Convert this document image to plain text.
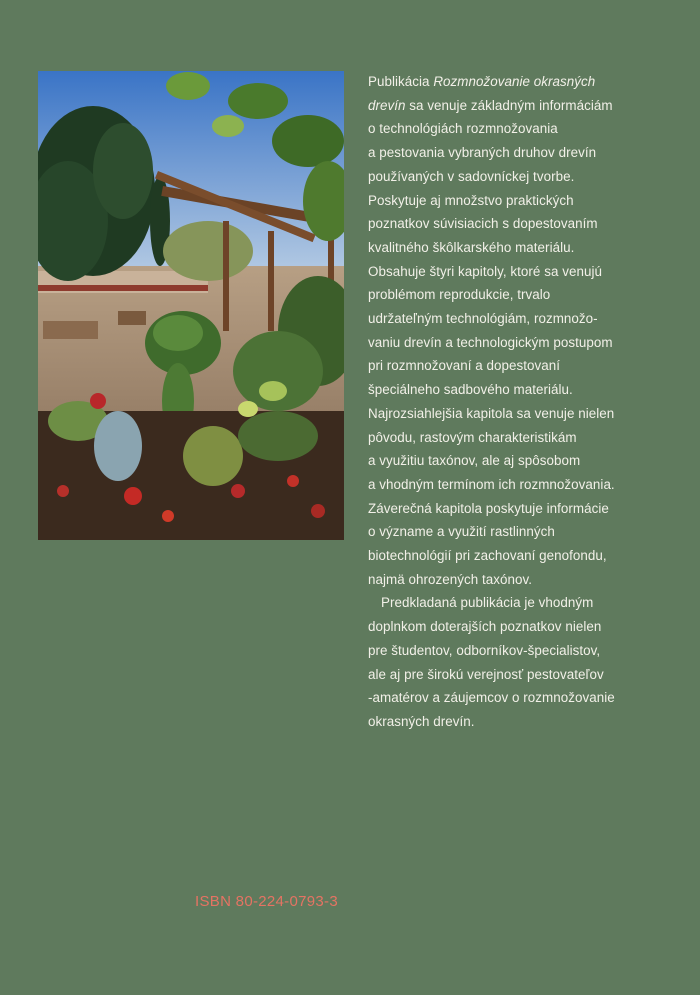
Publikácia Rozmnožovanie okrasných
drevín sa venuje základným informáciám
o technológiách rozmnožovania
a pestovania vybraných druhov drevín
používaných v sadovníckej tvorbe.
Poskytuje aj množstvo praktických
poznatkov súvisiacich s dopestovaním
kvalitného škôlkarského materiálu.
Obsahuje štyri kapitoly, ktoré sa venujú
problémom reprodukcie, trvalo
udržateľným technológiám, rozmnožo-
vaniu drevín a technologickým postupom
pri rozmnožovaní a dopestovaní
špeciálneho sadbového materiálu.
Najrozsiahlejšia kapitola sa venuje nielen
pôvodu, rastovým charakteristikám
a využitiu taxónov, ale aj spôsobom
a vhodným termínom ich rozmnožovania.
Záverečná kapitola poskytuje informácie
o význame a využití rastlinných
biotechnológií pri zachovaní genofondu,
najmä ohrozených taxónov.
Predkladaná publikácia je vhodným
doplnkom doterajších poznatkov nielen
pre študentov, odborníkov-špecialistov,
ale aj pre širokú verejnosť pestovateľov
-amatérov a záujemcov o rozmnožovanie
okrasných drevín.

ISBN 80-224-0793-3
